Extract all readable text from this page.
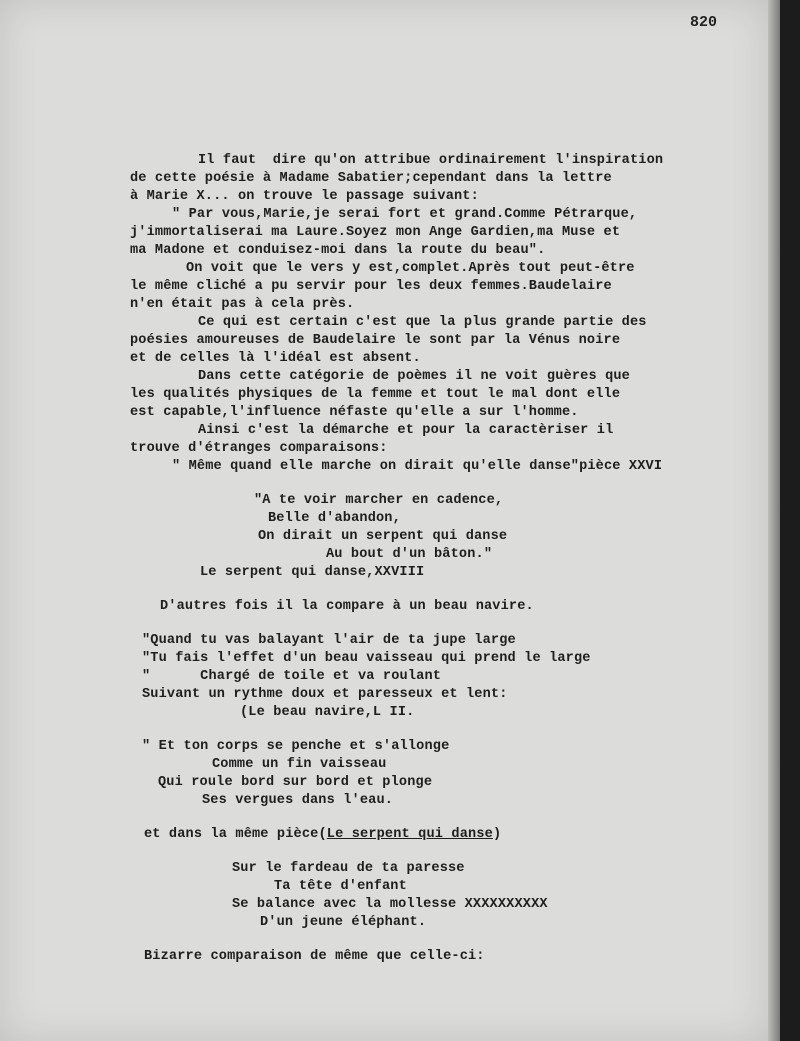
820
Il faut  dire qu'on attribue ordinairement l'inspiration
de cette poésie à Madame Sabatier;cependant dans la lettre
à Marie X... on trouve le passage suivant:
" Par vous,Marie,je serai fort et grand.Comme Pétrarque,
j'immortaliserai ma Laure.Soyez mon Ange Gardien,ma Muse et
ma Madone et conduisez-moi dans la route du beau".
On voit que le vers y est,complet.Après tout peut-être
le même cliché a pu servir pour les deux femmes.Baudelaire
n'en était pas à cela près.
Ce qui est certain c'est que la plus grande partie des
poésies amoureuses de Baudelaire le sont par la Vénus noire
et de celles là l'idéal est absent.
Dans cette catégorie de poèmes il ne voit guères que
les qualités physiques de la femme et tout le mal dont elle
est capable,l'influence néfaste qu'elle a sur l'homme.
Ainsi c'est la démarche et pour la caractèriser il
trouve d'étranges comparaisons:
" Même quand elle marche on dirait qu'elle danse"pièce XXVI
"A te voir marcher en cadence,
Belle d'abandon,
On dirait un serpent qui danse
Au bout d'un bâton."
Le serpent qui danse,XXVIII
D'autres fois il la compare à un beau navire.
"Quand tu vas balayant l'air de ta jupe large
"Tu fais l'effet d'un beau vaisseau qui prend le large
"      Chargé de toile et va roulant
Suivant un rythme doux et paresseux et lent:
(Le beau navire,L II.
" Et ton corps se penche et s'allonge
Comme un fin vaisseau
Qui roule bord sur bord et plonge
Ses vergues dans l'eau.
et dans la même pièce(Le serpent qui danse)
Sur le fardeau de ta paresse
Ta tête d'enfant
Se balance avec la mollesse XXXXXXXXXX
D'un jeune éléphant.
Bizarre comparaison de même que celle-ci:
